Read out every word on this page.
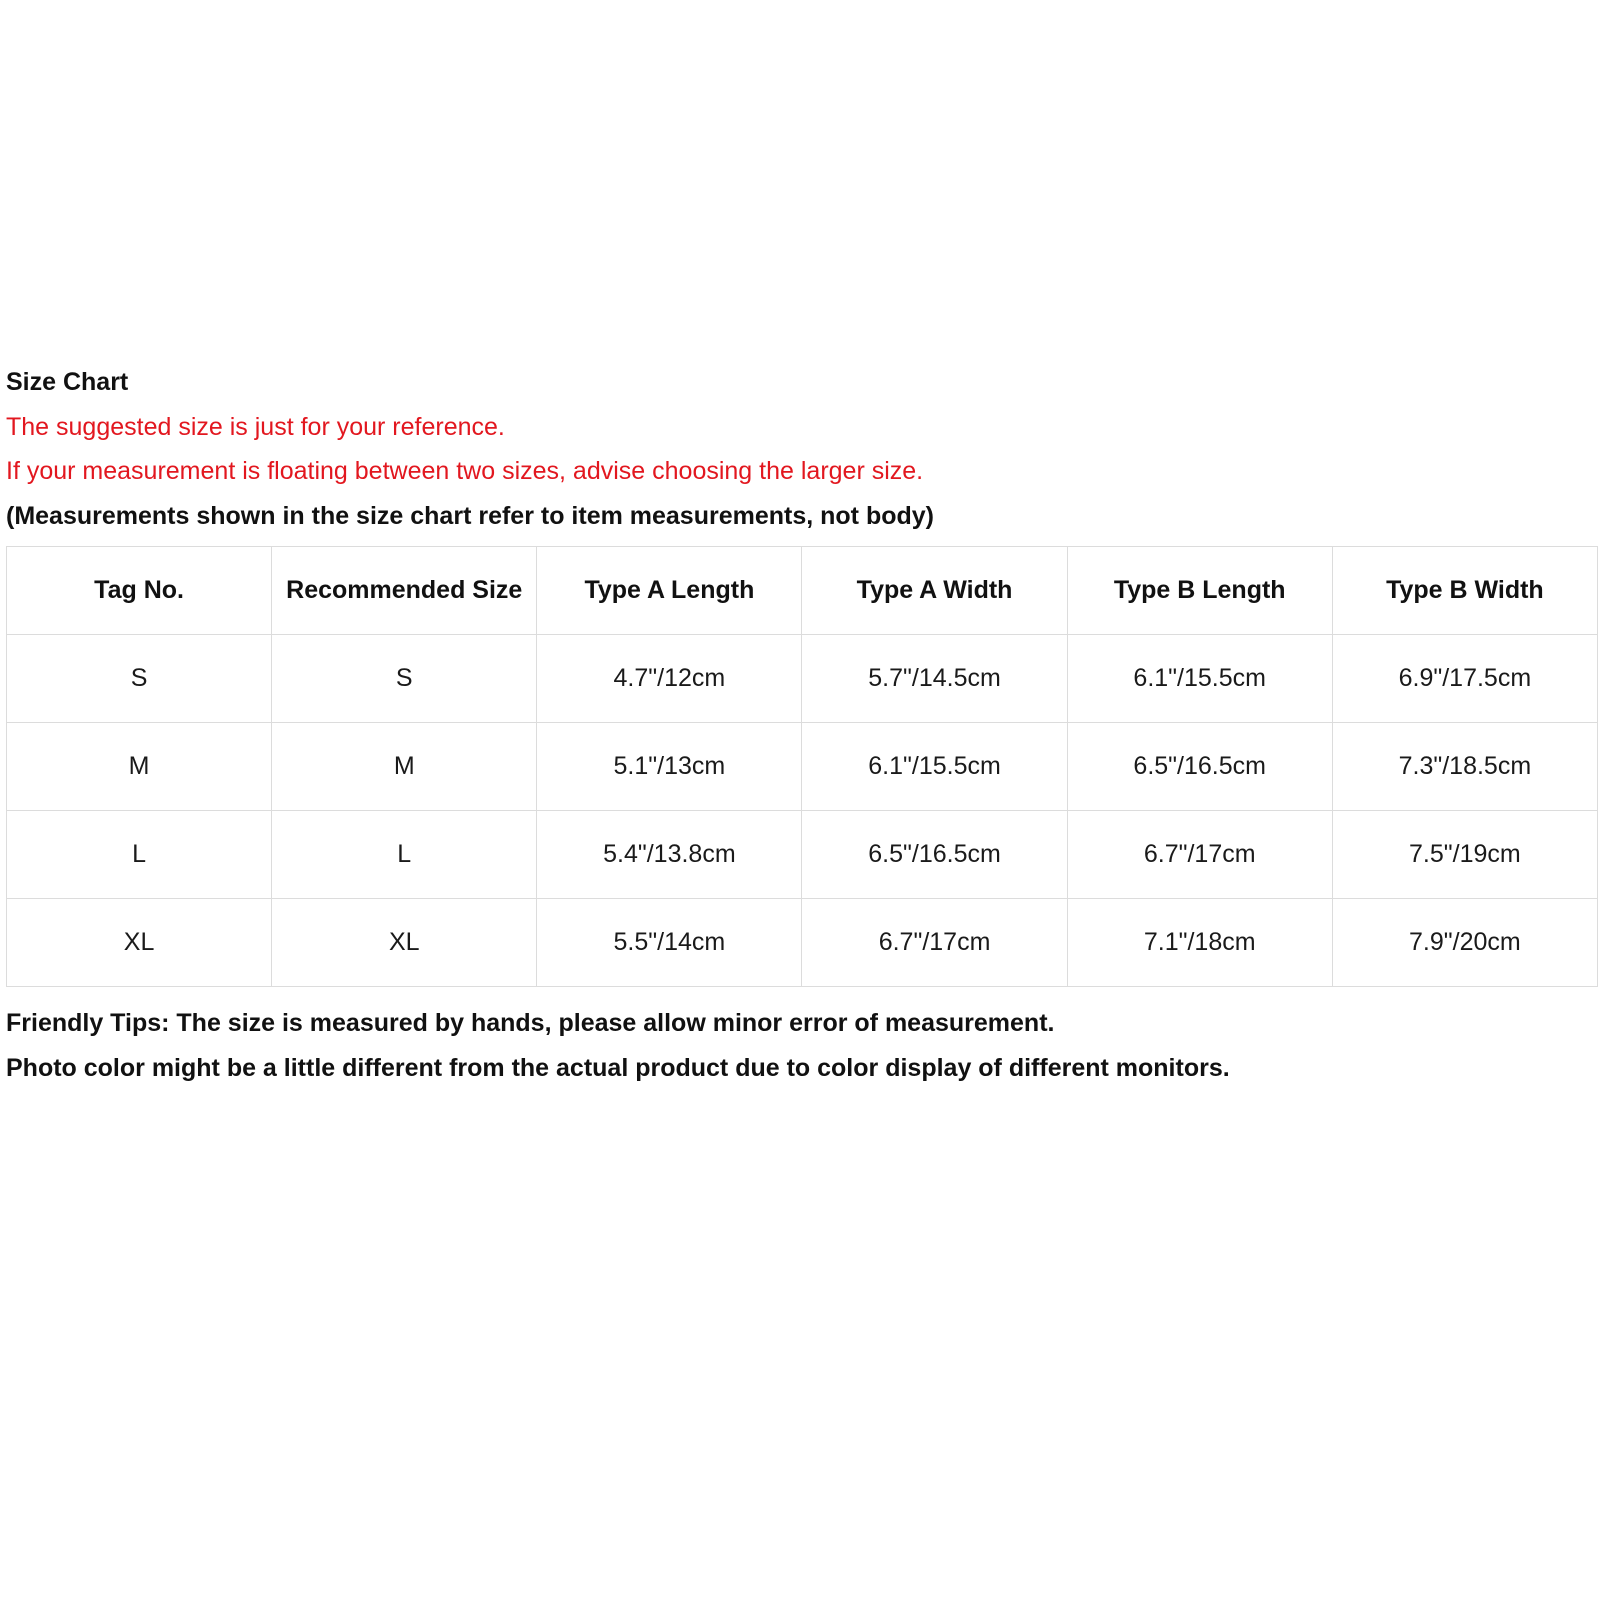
Size Chart
The suggested size is just for your reference.
If your measurement is floating between two sizes, advise choosing the larger size.
(Measurements shown in the size chart refer to item measurements, not body)
Tag No.	Recommended Size	Type A Length	Type A Width	Type B Length	Type B Width
S	S	4.7"/12cm	5.7"/14.5cm	6.1"/15.5cm	6.9"/17.5cm
M	M	5.1"/13cm	6.1"/15.5cm	6.5"/16.5cm	7.3"/18.5cm
L	L	5.4"/13.8cm	6.5"/16.5cm	6.7"/17cm	7.5"/19cm
XL	XL	5.5"/14cm	6.7"/17cm	7.1"/18cm	7.9"/20cm
Friendly Tips: The size is measured by hands, please allow minor error of measurement.
Photo color might be a little different from the actual product due to color display of different monitors.
